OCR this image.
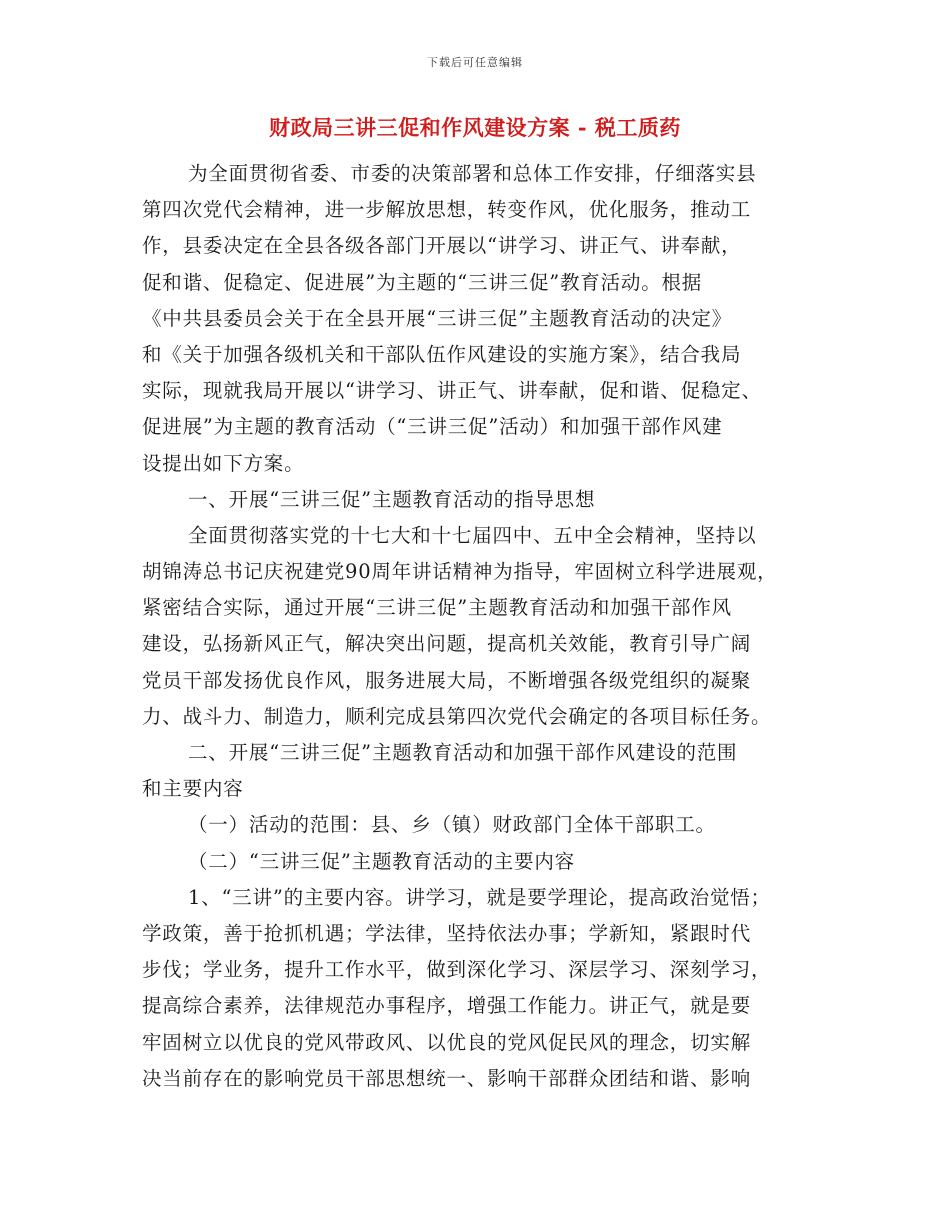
下载后可任意编辑
财政局三讲三促和作风建设方案 - 税工质药
为全面贯彻省委、市委的决策部署和总体工作安排，仔细落实县
第四次党代会精神，进一步解放思想，转变作风，优化服务，推动工
作，县委决定在全县各级各部门开展以“讲学习、讲正气、讲奉献，
促和谐、促稳定、促进展”为主题的“三讲三促”教育活动。根据
《中共县委员会关于在全县开展“三讲三促”主题教育活动的决定》
和《关于加强各级机关和干部队伍作风建设的实施方案》，结合我局
实际，现就我局开展以“讲学习、讲正气、讲奉献，促和谐、促稳定、
促进展”为主题的教育活动（“三讲三促”活动）和加强干部作风建
设提出如下方案。
一、开展“三讲三促”主题教育活动的指导思想
全面贯彻落实党的十七大和十七届四中、五中全会精神，坚持以
胡锦涛总书记庆祝建党90周年讲话精神为指导，牢固树立科学进展观，
紧密结合实际，通过开展“三讲三促”主题教育活动和加强干部作风
建设，弘扬新风正气，解决突出问题，提高机关效能，教育引导广阔
党员干部发扬优良作风，服务进展大局，不断增强各级党组织的凝聚
力、战斗力、制造力，顺利完成县第四次党代会确定的各项目标任务。
二、开展“三讲三促”主题教育活动和加强干部作风建设的范围
和主要内容
（一）活动的范围：县、乡（镇）财政部门全体干部职工。
（二）“三讲三促”主题教育活动的主要内容
1、“三讲”的主要内容。讲学习，就是要学理论，提高政治觉悟；
学政策，善于抢抓机遇；学法律，坚持依法办事；学新知，紧跟时代
步伐；学业务，提升工作水平，做到深化学习、深层学习、深刻学习，
提高综合素养，法律规范办事程序，增强工作能力。讲正气，就是要
牢固树立以优良的党风带政风、以优良的党风促民风的理念，切实解
决当前存在的影响党员干部思想统一、影响干部群众团结和谐、影响
